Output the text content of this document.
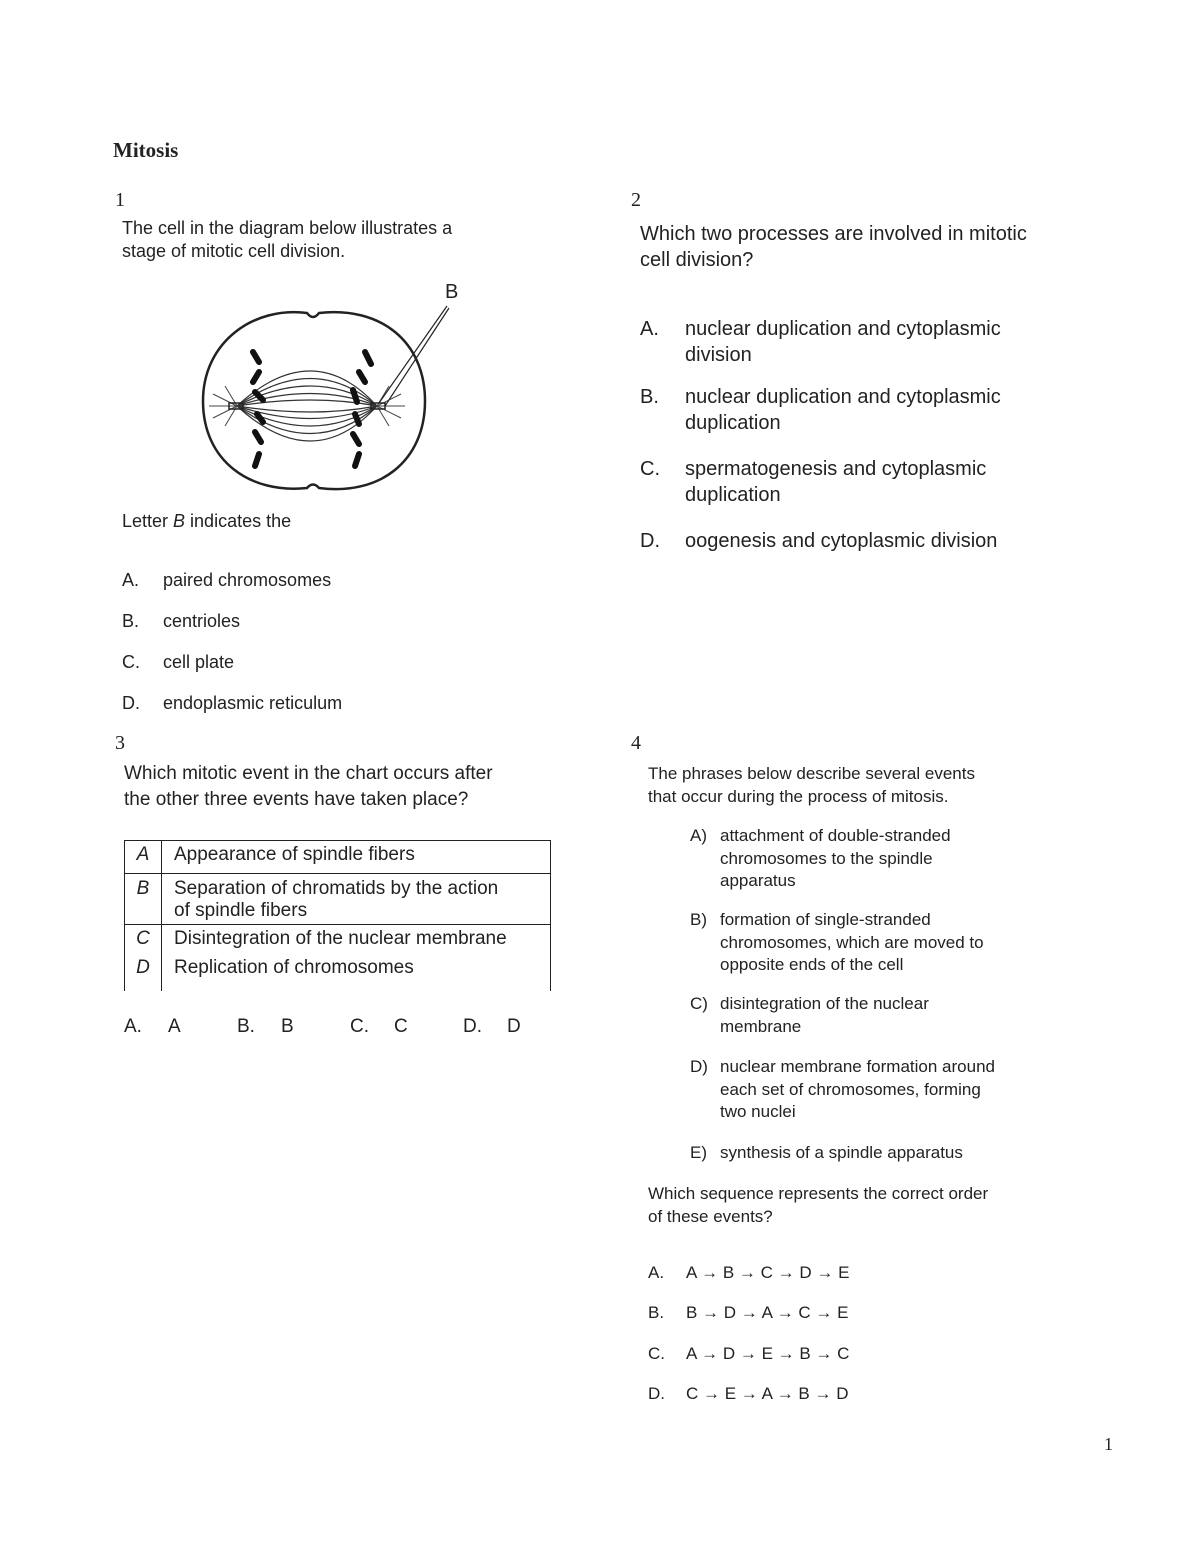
Mitosis
1
The cell in the diagram below illustrates a
stage of mitotic cell division.
B
Letter B indicates the
A.	paired chromosomes
B.	centrioles
C.	cell plate
D.	endoplasmic reticulum
2
Which two processes are involved in mitotic
cell division?
A.	nuclear duplication and cytoplasmic
division
B.	nuclear duplication and cytoplasmic
duplication
C.	spermatogenesis and cytoplasmic
duplication
D.	oogenesis and cytoplasmic division
3
Which mitotic event in the chart occurs after
the other three events have taken place?
A	Appearance of spindle fibers

B	Separation of chromatids by the action
of spindle fibers

C	Disintegration of the nuclear membrane

D	Replication of chromosomes
A.	A	B.	B	C.	C	D.	D
4
The phrases below describe several events
that occur during the process of mitosis.
A) attachment of double-stranded
chromosomes to the spindle
apparatus
B) formation of single-stranded
chromosomes, which are moved to
opposite ends of the cell
C) disintegration of the nuclear
membrane
D) nuclear membrane formation around
each set of chromosomes, forming
two nuclei
E) synthesis of a spindle apparatus
Which sequence represents the correct order
of these events?
A.	A → B → C → D → E
B.	B → D → A → C → E
C.	A → D → E → B → C
D.	C → E → A → B → D
1
